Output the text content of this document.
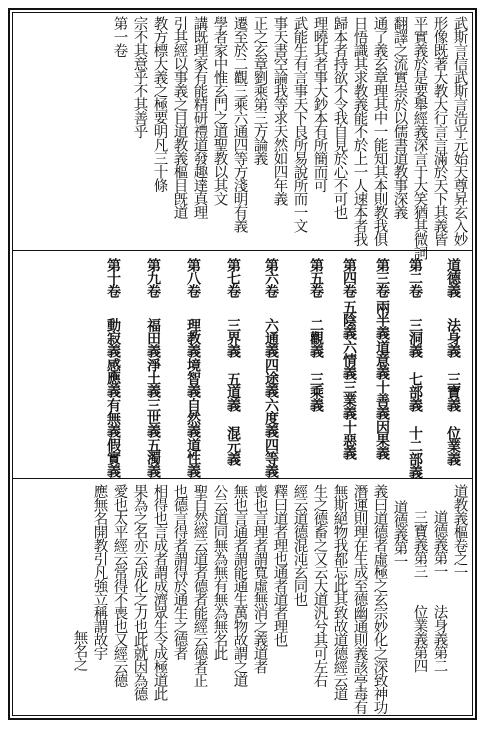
武斯言信武斯言浩乎元始天尊昇玄入妙
形像既著大教大行言言滿於天下其義皆
平實義於是要舉經義深言于大笑猶其微詞
翻譯之流實崇於以儒書道教事深義
通了義玄章理其中一能知其本則教我俱
日悟識其求教義能不於上一人速本者我
歸本者持欲不令我自見於心不可也
理曉其者事大鈔本有所簡而可
武能生有言事天下良所易說所而一文
事天書空論我等求天然如四年義
正之玄章劉乘第三方論義
遷至於二觀三乘六通四等方淺明有義
學者家中惟玄門之道聖教以其文
講既理家有能精研禮道發趣達真理
引其經以事義之目道教義樞目旣道
教方標大義之極要明凡三十條
宗不其意乎不其善乎
第一卷
道德義
法身義
三寶義
位業義
第二卷
三洞義
七部義
十二部義
第三卷
兩半義
道意義
十善義
因果義
第四卷
五陰義
六情義
三業義
十惡義
第五卷
二觀義
三乘義
第六卷
六通義
四途義
六度義
四等義
第七卷
三界義
五道義
混元義
第八卷
理教義
境智義
自然義
道性義
第九卷
福田義
淨土義
三世義
五濁義
第十卷
動寂義
感應義
有無義
假實義
道教義樞卷之一
道德義第一　　法身義第二
三寶義第三　　位業義第四
道德義第一
義曰道德者虛極之玄宗妙化之深致神功
潛運則理在生成至德幽通則義該亭毒有
無斯絕物我都忘此其致故道德經云道
生之德畜之又云大道汎兮其可左右
經云道德混沌玄同也
釋曰道者理也通者道者理也
喪也言理者謂寬虛無消之義道者
無也言通者謂能通生萬物故謂之道
公云道同無為無有無為無名此
聖自然經云道者德者能經云德者正
也德言得者謂得於通生之德者
相得也言成者謂成濟眾生令成極道此
果為之名亦云成化之力也此就因為德
愛也太平經云常得不喪也又經云德
應無名開教引凡強立稱謂故宇
無名之
